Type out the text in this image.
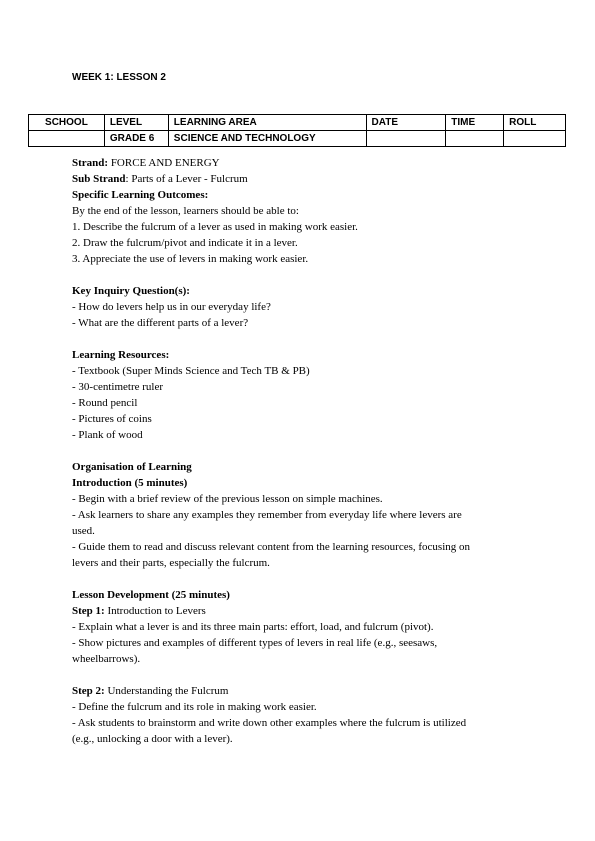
WEEK 1: LESSON 2
SCHOOL	LEVEL	LEARNING AREA	DATE	TIME	ROLL
	GRADE 6	SCIENCE AND TECHNOLOGY			

Strand: FORCE AND ENERGY

Sub Strand: Parts of a Lever - Fulcrum

Specific Learning Outcomes:

By the end of the lesson, learners should be able to:

1. Describe the fulcrum of a lever as used in making work easier.

2. Draw the fulcrum/pivot and indicate it in a lever.

3. Appreciate the use of levers in making work easier.

Key Inquiry Question(s):

- How do levers help us in our everyday life?

- What are the different parts of a lever?

Learning Resources:

- Textbook (Super Minds Science and Tech TB & PB)

- 30-centimetre ruler

- Round pencil

- Pictures of coins

- Plank of wood

Organisation of Learning

Introduction (5 minutes)

- Begin with a brief review of the previous lesson on simple machines.

- Ask learners to share any examples they remember from everyday life where levers are

used.

- Guide them to read and discuss relevant content from the learning resources, focusing on

levers and their parts, especially the fulcrum.

Lesson Development (25 minutes)

Step 1: Introduction to Levers

- Explain what a lever is and its three main parts: effort, load, and fulcrum (pivot).

- Show pictures and examples of different types of levers in real life (e.g., seesaws,

wheelbarrows).

Step 2: Understanding the Fulcrum

- Define the fulcrum and its role in making work easier.

- Ask students to brainstorm and write down other examples where the fulcrum is utilized

(e.g., unlocking a door with a lever).
